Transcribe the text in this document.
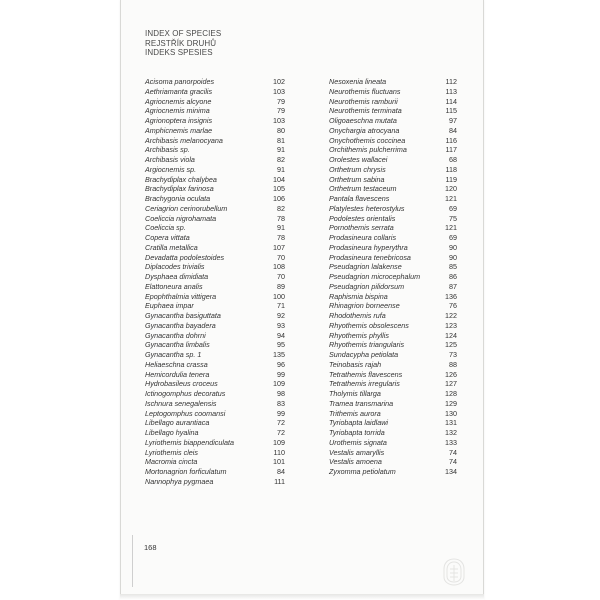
INDEX OF SPECIES
REJSTŘÍK DRUHŮ
INDEKS SPESIES
Acisoma panorpoides	102
Aethriamanta gracilis	103
Agriocnemis alcyone	79
Agriocnemis minima	79
Agrionoptera insignis	103
Amphicnemis marlae	80
Archibasis melanocyana	81
Archibasis sp.	91
Archibasis viola	82
Argiocnemis sp.	91
Brachydiplax chalybea	104
Brachydiplax farinosa	105
Brachygonia oculata	106
Ceriagrion cerinorubellum	82
Coeliccia nigrohamata	78
Coeliccia sp.	91
Copera vittata	78
Cratilla metallica	107
Devadatta podolestoides	70
Diplacodes trivialis	108
Dysphaea dimidiata	70
Elattoneura analis	89
Epophthalmia vittigera	100
Euphaea impar	71
Gynacantha basiguttata	92
Gynacantha bayadera	93
Gynacantha dohrni	94
Gynacantha limbalis	95
Gynacantha sp. 1	135
Heliaeschna crassa	96
Hemicordulia tenera	99
Hydrobasileus croceus	109
Ictinogomphus decoratus	98
Ischnura senegalensis	83
Leptogomphus coomansi	99
Libellago aurantiaca	72
Libellago hyalina	72
Lyriothemis biappendiculata	109
Lyriothemis cleis	110
Macromia cincta	101
Mortonagrion forficulatum	84
Nannophya pygmaea	111
Nesoxenia lineata	112
Neurothemis fluctuans	113
Neurothemis ramburii	114
Neurothemis terminata	115
Oligoaeschna mutata	97
Onychargia atrocyana	84
Onychothemis coccinea	116
Orchithemis pulcherrima	117
Orolestes wallacei	68
Orthetrum chrysis	118
Orthetrum sabina	119
Orthetrum testaceum	120
Pantala flavescens	121
Platylestes heterostylus	69
Podolestes orientalis	75
Pornothemis serrata	121
Prodasineura collaris	69
Prodasineura hyperythra	90
Prodasineura tenebricosa	90
Pseudagrion lalakense	85
Pseudagrion microcephalum	86
Pseudagrion pilidorsum	87
Raphismia bispina	136
Rhinagrion borneense	76
Rhodothemis rufa	122
Rhyothemis obsolescens	123
Rhyothemis phyllis	124
Rhyothemis triangularis	125
Sundacypha petiolata	73
Teinobasis rajah	88
Tetrathemis flavescens	126
Tetrathemis irregularis	127
Tholymis tillarga	128
Tramea transmarina	129
Trithemis aurora	130
Tyriobapta laidlawi	131
Tyriobapta torrida	132
Urothemis signata	133
Vestalis amaryllis	74
Vestalis amoena	74
Zyxomma petiolatum	134
168
